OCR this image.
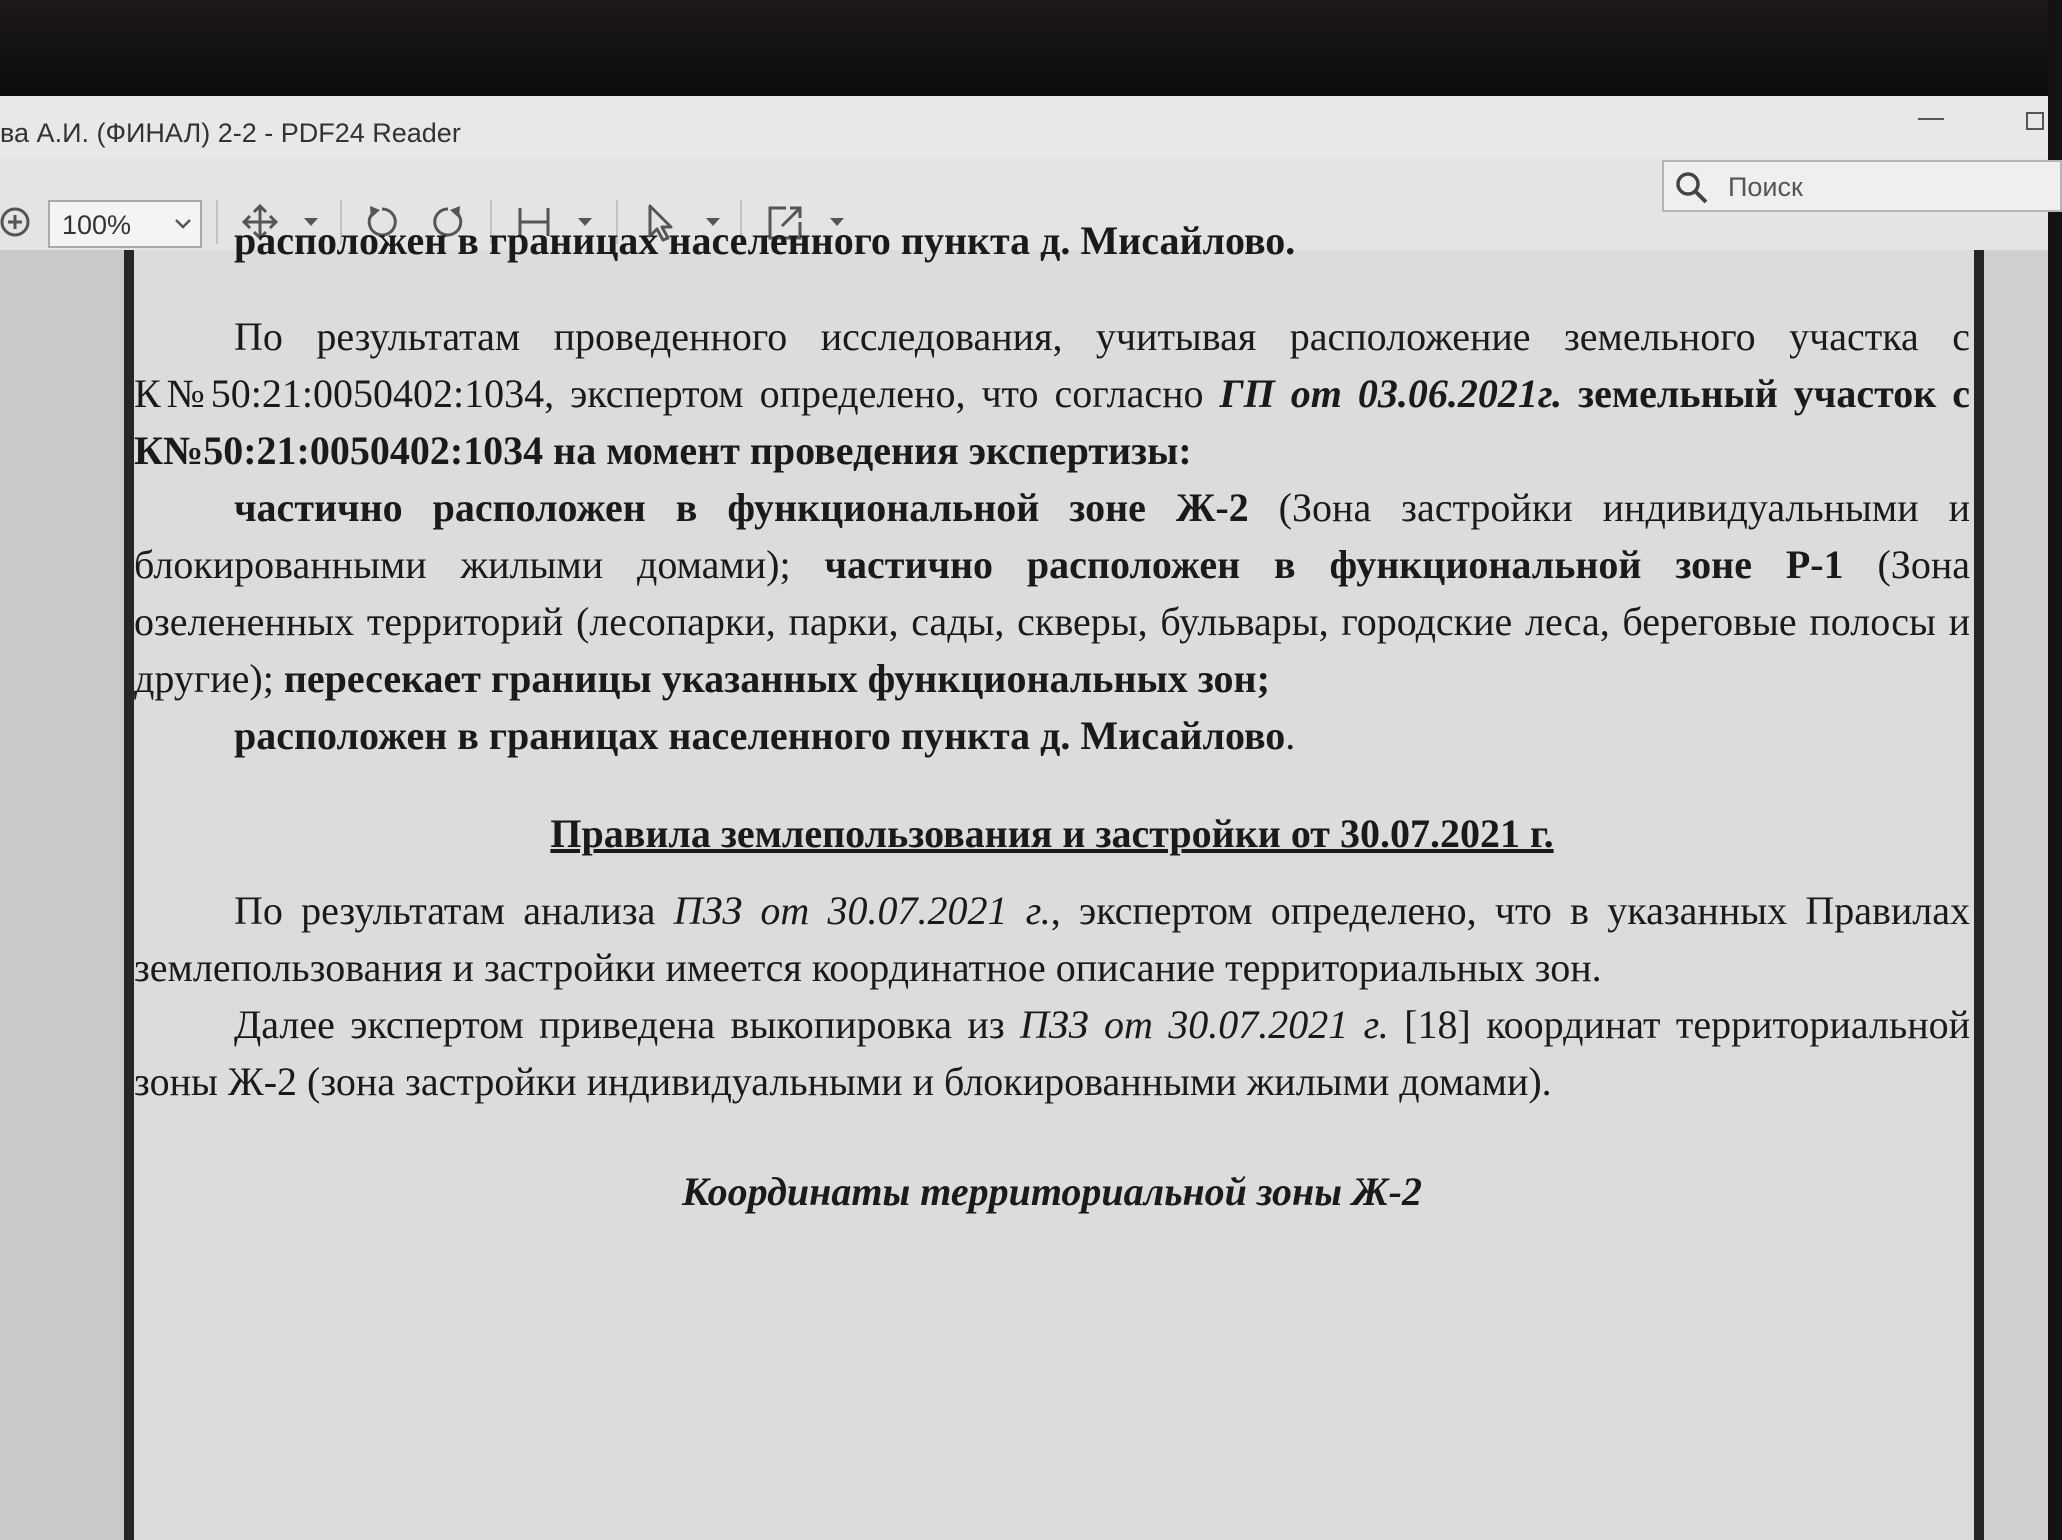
ва А.И. (ФИНАЛ) 2-2 - PDF24 Reader
100%
Поиск
расположен в границах населенного пункта д. Мисайлово.
По результатам проведенного исследования, учитывая расположение земельного участка с К№50:21:0050402:1034, экспертом определено, что согласно ГП от 03.06.2021г. земельный участок с К№50:21:0050402:1034 на момент проведения экспертизы:
частично расположен в функциональной зоне Ж-2 (Зона застройки индивидуальными и блокированными жилыми домами); частично расположен в функциональной зоне Р-1 (Зона озелененных территорий (лесопарки, парки, сады, скверы, бульвары, городские леса, береговые полосы и другие); пересекает границы указанных функциональных зон;
расположен в границах населенного пункта д. Мисайлово.
Правила землепользования и застройки от 30.07.2021 г.
По результатам анализа ПЗЗ от 30.07.2021 г., экспертом определено, что в указанных Правилах землепользования и застройки имеется координатное описание территориальных зон.
Далее экспертом приведена выкопировка из ПЗЗ от 30.07.2021 г. [18] координат территориальной зоны Ж-2 (зона застройки индивидуальными и блокированными жилыми домами).
Координаты территориальной зоны Ж-2
